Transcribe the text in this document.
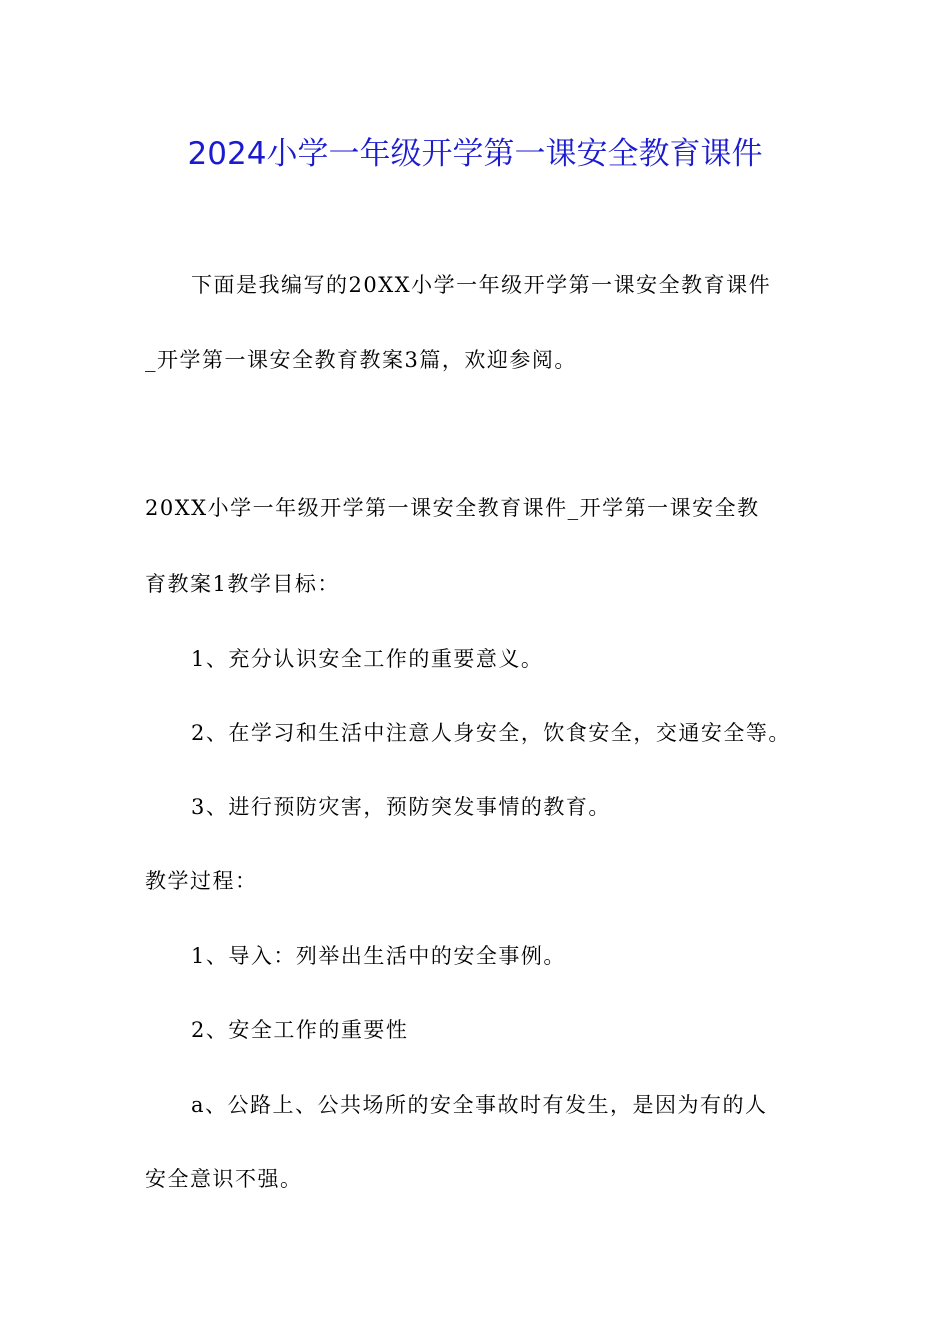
2024小学一年级开学第一课安全教育课件
下面是我编写的20XX小学一年级开学第一课安全教育课件
_开学第一课安全教育教案3篇，欢迎参阅。
20XX小学一年级开学第一课安全教育课件_开学第一课安全教
育教案1教学目标：
1、充分认识安全工作的重要意义。
2、在学习和生活中注意人身安全，饮食安全，交通安全等。
3、进行预防灾害，预防突发事情的教育。
教学过程：
1、导入：列举出生活中的安全事例。
2、安全工作的重要性
a、公路上、公共场所的安全事故时有发生，是因为有的人
安全意识不强。
